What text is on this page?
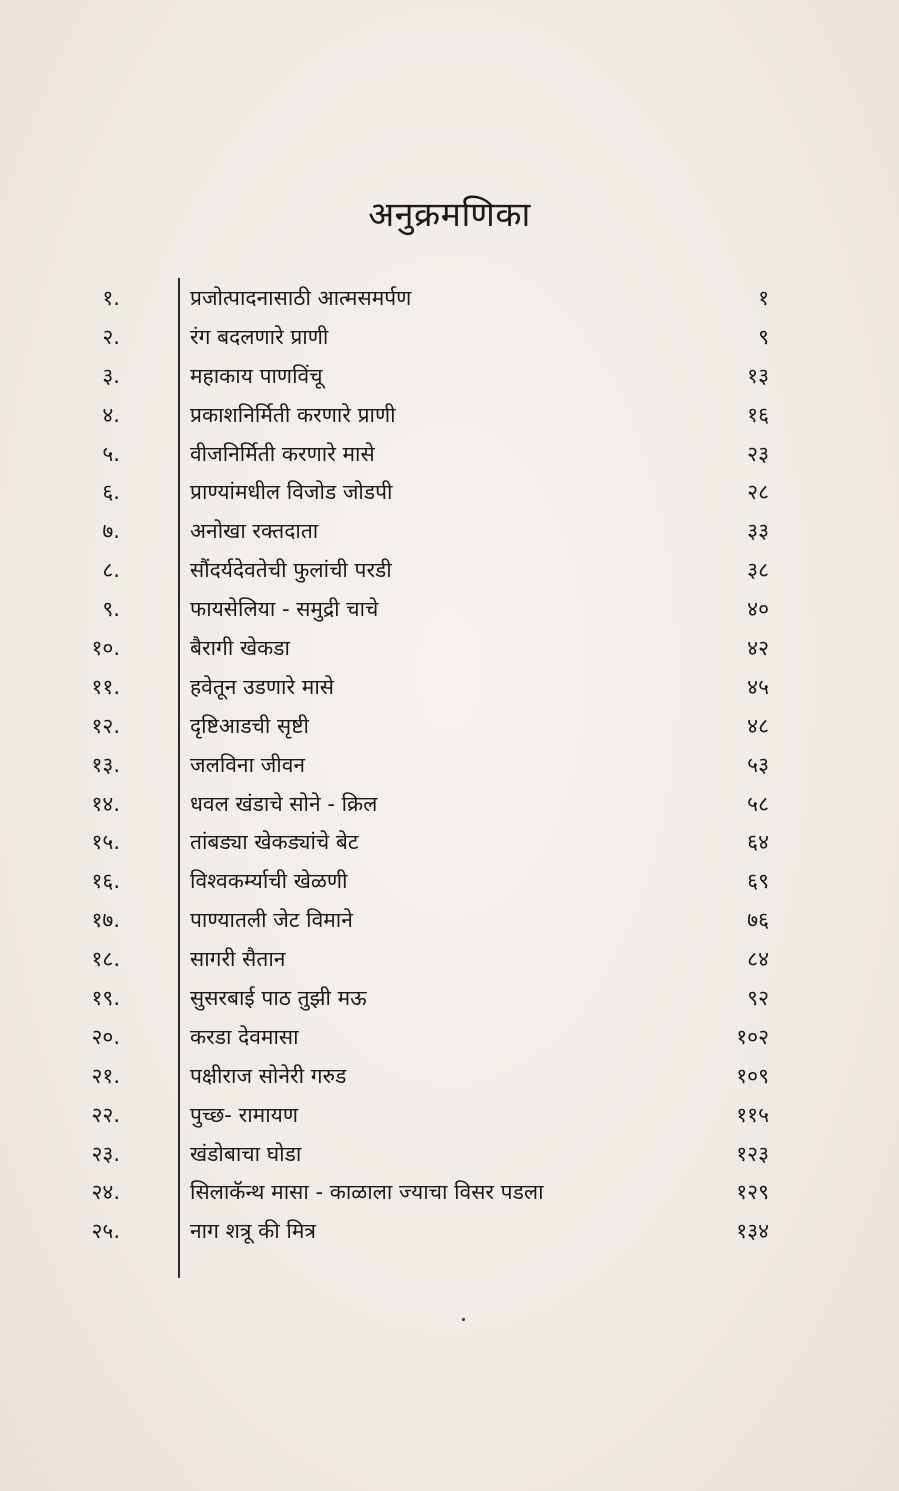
अनुक्रमणिका
१.	प्रजोत्पादनासाठी आत्मसमर्पण	१
२.	रंग बदलणारे प्राणी	९
३.	महाकाय पाणविंचू	१३
४.	प्रकाशनिर्मिती करणारे प्राणी	१६
५.	वीजनिर्मिती करणारे मासे	२३
६.	प्राण्यांमधील विजोड जोडपी	२८
७.	अनोखा रक्तदाता	३३
८.	सौंदर्यदेवतेची फुलांची परडी	३८
९.	फायसेलिया - समुद्री चाचे	४०
१०.	बैरागी खेकडा	४२
११.	हवेतून उडणारे मासे	४५
१२.	दृष्टिआडची सृष्टी	४८
१३.	जलविना जीवन	५३
१४.	धवल खंडाचे सोने - क्रिल	५८
१५.	तांबड्या खेकड्यांचे बेट	६४
१६.	विश्वकर्म्याची खेळणी	६९
१७.	पाण्यातली जेट विमाने	७६
१८.	सागरी सैतान	८४
१९.	सुसरबाई पाठ तुझी मऊ	९२
२०.	करडा देवमासा	१०२
२१.	पक्षीराज सोनेरी गरुड	१०९
२२.	पुच्छ- रामायण	११५
२३.	खंडोबाचा घोडा	१२३
२४.	सिलाकॅन्थ मासा - काळाला ज्याचा विसर पडला	१२९
२५.	नाग शत्रू की मित्र	१३४
